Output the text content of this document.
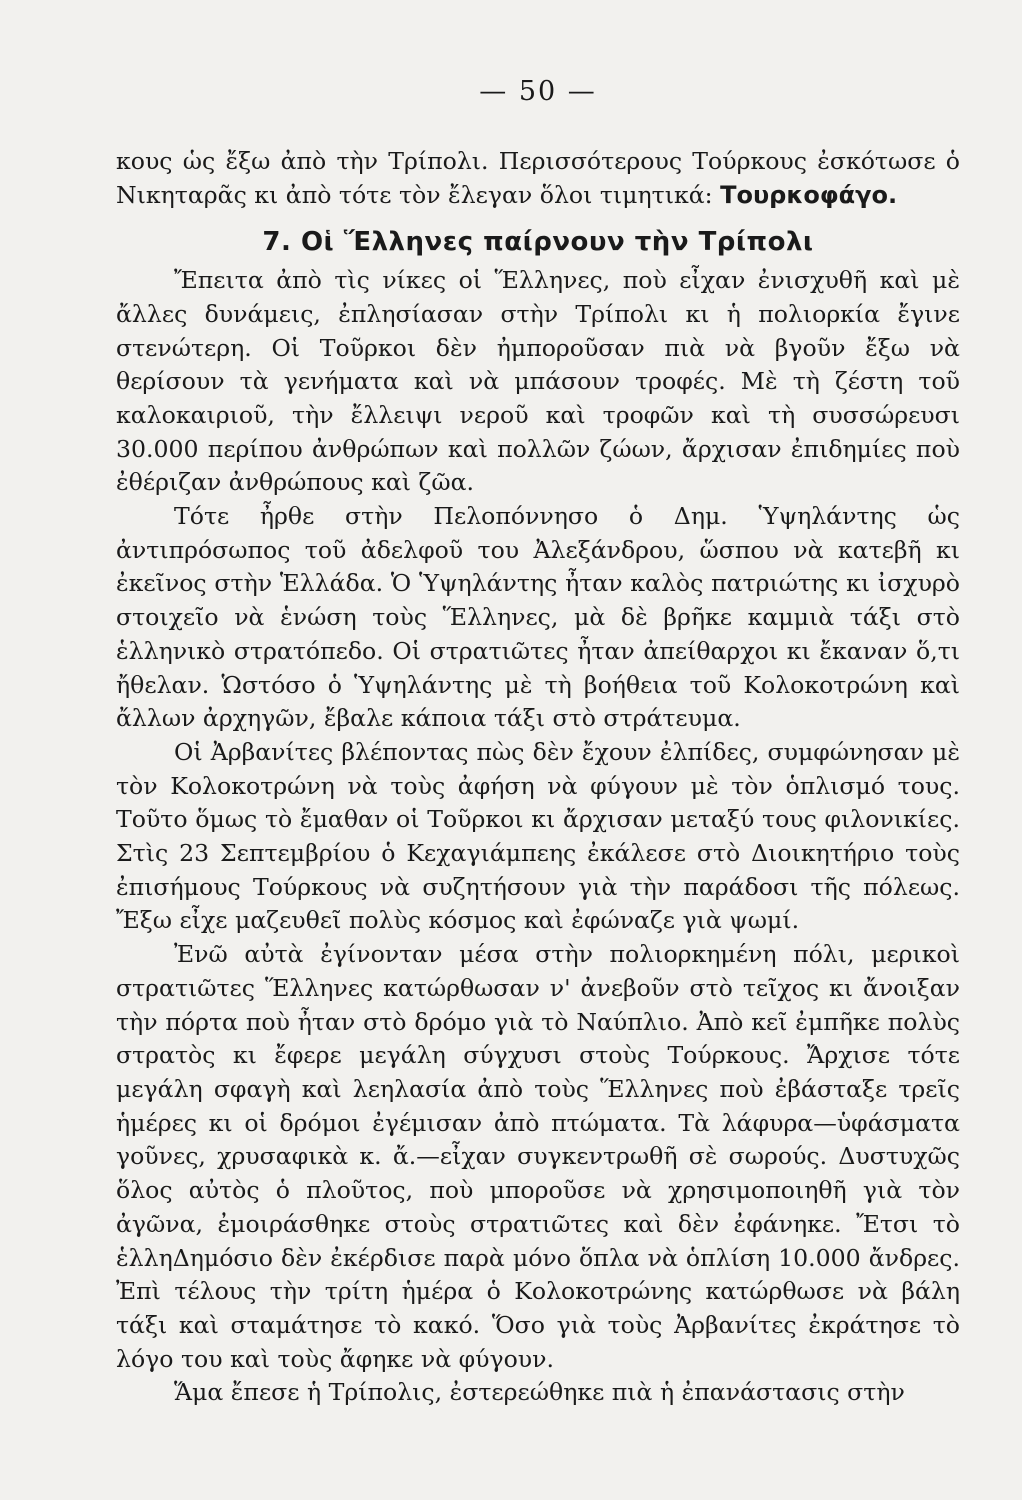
— 50 —

κους ὡς ἔξω ἀπὸ τὴν Τρίπολι. Περισσότερους Τούρκους ἐσκότωσε ὁ Νικηταρᾶς κι ἀπὸ τότε τὸν ἔλεγαν ὅλοι τιμητικά: Τουρκοφάγο.

7. Οἱ Ἕλληνες παίρνουν τὴν Τρίπολι

Ἔπειτα ἀπὸ τὶς νίκες οἱ Ἕλληνες, ποὺ εἶχαν ἐνισχυθῆ καὶ μὲ ἄλλες δυνάμεις, ἐπλησίασαν στὴν Τρίπολι κι ἡ πολιορκία ἔγινε στενώτερη. Οἱ Τοῦρκοι δὲν ἠμποροῦσαν πιὰ νὰ βγοῦν ἔξω νὰ θερίσουν τὰ γενήματα καὶ νὰ μπάσουν τροφές. Μὲ τὴ ζέστη τοῦ καλοκαιριοῦ, τὴν ἔλλειψι νεροῦ καὶ τροφῶν καὶ τὴ συσσώρευσι 30.000 περίπου ἀνθρώπων καὶ πολλῶν ζώων, ἄρχισαν ἐπιδημίες ποὺ ἐθέριζαν ἀνθρώπους καὶ ζῶα.

Τότε ἦρθε στὴν Πελοπόννησο ὁ Δημ. Ὑψηλάντης ὡς ἀντιπρόσωπος τοῦ ἀδελφοῦ του Ἀλεξάνδρου, ὥσπου νὰ κατεβῆ κι ἐκεῖνος στὴν Ἑλλάδα. Ὁ Ὑψηλάντης ἦταν καλὸς πατριώτης κι ἰσχυρὸ στοιχεῖο νὰ ἑνώση τοὺς Ἕλληνες, μὰ δὲ βρῆκε καμμιὰ τάξι στὸ ἑλληνικὸ στρατόπεδο. Οἱ στρατιῶτες ἦταν ἀπείθαρχοι κι ἔκαναν ὅ,τι ἤθελαν. Ὡστόσο ὁ Ὑψηλάντης μὲ τὴ βοήθεια τοῦ Κολοκοτρώνη καὶ ἄλλων ἀρχηγῶν, ἔβαλε κάποια τάξι στὸ στράτευμα.

Οἱ Ἀρβανίτες βλέποντας πὼς δὲν ἔχουν ἐλπίδες, συμφώνησαν μὲ τὸν Κολοκοτρώνη νὰ τοὺς ἀφήση νὰ φύγουν μὲ τὸν ὁπλισμό τους. Τοῦτο ὅμως τὸ ἔμαθαν οἱ Τοῦρκοι κι ἄρχισαν μεταξύ τους φιλονικίες. Στὶς 23 Σεπτεμβρίου ὁ Κεχαγιάμπεης ἐκάλεσε στὸ Διοικητήριο τοὺς ἐπισήμους Τούρκους νὰ συζητήσουν γιὰ τὴν παράδοσι τῆς πόλεως. Ἔξω εἶχε μαζευθεῖ πολὺς κόσμος καὶ ἐφώναζε γιὰ ψωμί.

Ἐνῶ αὐτὰ ἐγίνονταν μέσα στὴν πολιορκημένη πόλι, μερικοὶ στρατιῶτες Ἕλληνες κατώρθωσαν ν' ἀνεβοῦν στὸ τεῖχος κι ἄνοιξαν τὴν πόρτα ποὺ ἦταν στὸ δρόμο γιὰ τὸ Ναύπλιο. Ἀπὸ κεῖ ἐμπῆκε πολὺς στρατὸς κι ἔφερε μεγάλη σύγχυσι στοὺς Τούρκους. Ἄρχισε τότε μεγάλη σφαγὴ καὶ λεηλασία ἀπὸ τοὺς Ἕλληνες ποὺ ἐβάσταξε τρεῖς ἡμέρες κι οἱ δρόμοι ἐγέμισαν ἀπὸ πτώματα. Τὰ λάφυρα—ὑφάσματα γοῦνες, χρυσαφικὰ κ. ἄ.—εἶχαν συγκεντρωθῆ σὲ σωρούς. Δυστυχῶς ὅλος αὐτὸς ὁ πλοῦτος, ποὺ μποροῦσε νὰ χρησιμοποιηθῆ γιὰ τὸν ἀγῶνα, ἐμοιράσθηκε στοὺς στρατιῶτες καὶ δὲν ἐφάνηκε. Ἔτσι τὸ ἑλληΔημόσιο δὲν ἐκέρδισε παρὰ μόνο ὅπλα νὰ ὁπλίση 10.000 ἄνδρες. Ἐπὶ τέλους τὴν τρίτη ἡμέρα ὁ Κολοκοτρώνης κατώρθωσε νὰ βάλη τάξι καὶ σταμάτησε τὸ κακό. Ὅσο γιὰ τοὺς Ἀρβανίτες ἐκράτησε τὸ λόγο του καὶ τοὺς ἄφηκε νὰ φύγουν.

Ἅμα ἔπεσε ἡ Τρίπολις, ἐστερεώθηκε πιὰ ἡ ἐπανάστασις στὴν
